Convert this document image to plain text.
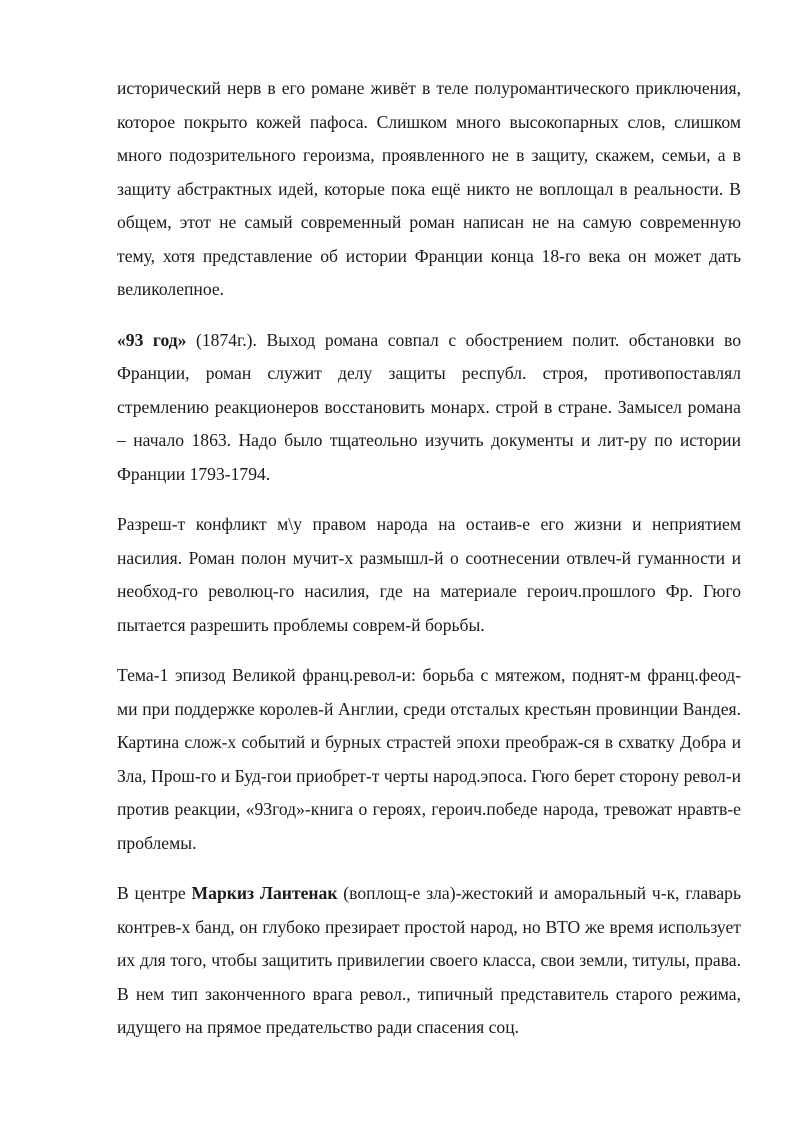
исторический нерв в его романе живёт в теле полуромантического приключения, которое покрыто кожей пафоса. Слишком много высокопарных слов, слишком много подозрительного героизма, проявленного не в защиту, скажем, семьи, а в защиту абстрактных идей, которые пока ещё никто не воплощал в реальности. В общем, этот не самый современный роман написан не на самую современную тему, хотя представление об истории Франции конца 18-го века он может дать великолепное.

«93 год» (1874г.). Выход романа совпал с обострением полит. обстановки во Франции, роман служит делу защиты республ. строя, противопоставлял стремлению реакционеров восстановить монарх. строй в стране. Замысел романа – начало 1863. Надо было тщатеольно изучить документы и лит-ру по истории Франции 1793-1794.

Разреш-т конфликт м\у правом народа на остаив-е его жизни и неприятием насилия. Роман полон мучит-х размышл-й о соотнесении отвлеч-й гуманности и необход-го революц-го насилия, где на материале героич.прошлого Фр. Гюго пытается разрешить проблемы соврем-й борьбы.

Тема-1 эпизод Великой франц.револ-и: борьба с мятежом, поднят-м франц.феод-ми при поддержке королев-й Англии, среди отсталых крестьян провинции Вандея. Картина слож-х событий и бурных страстей эпохи преображ-ся в схватку Добра и Зла, Прош-го и Буд-гои приобрет-т черты народ.эпоса. Гюго берет сторону револ-и против реакции, «93год»-книга о героях, героич.победе народа, тревожат нравтв-е проблемы.

В центре Маркиз Лантенак (воплощ-е зла)-жестокий и аморальный ч-к, главарь контрев-х банд, он глубоко презирает простой народ, но ВТО же время использует их для того, чтобы защитить привилегии своего класса, свои земли, титулы, права. В нем тип законченного врага револ., типичный представитель старого режима, идущего на прямое предательство ради спасения соц.
